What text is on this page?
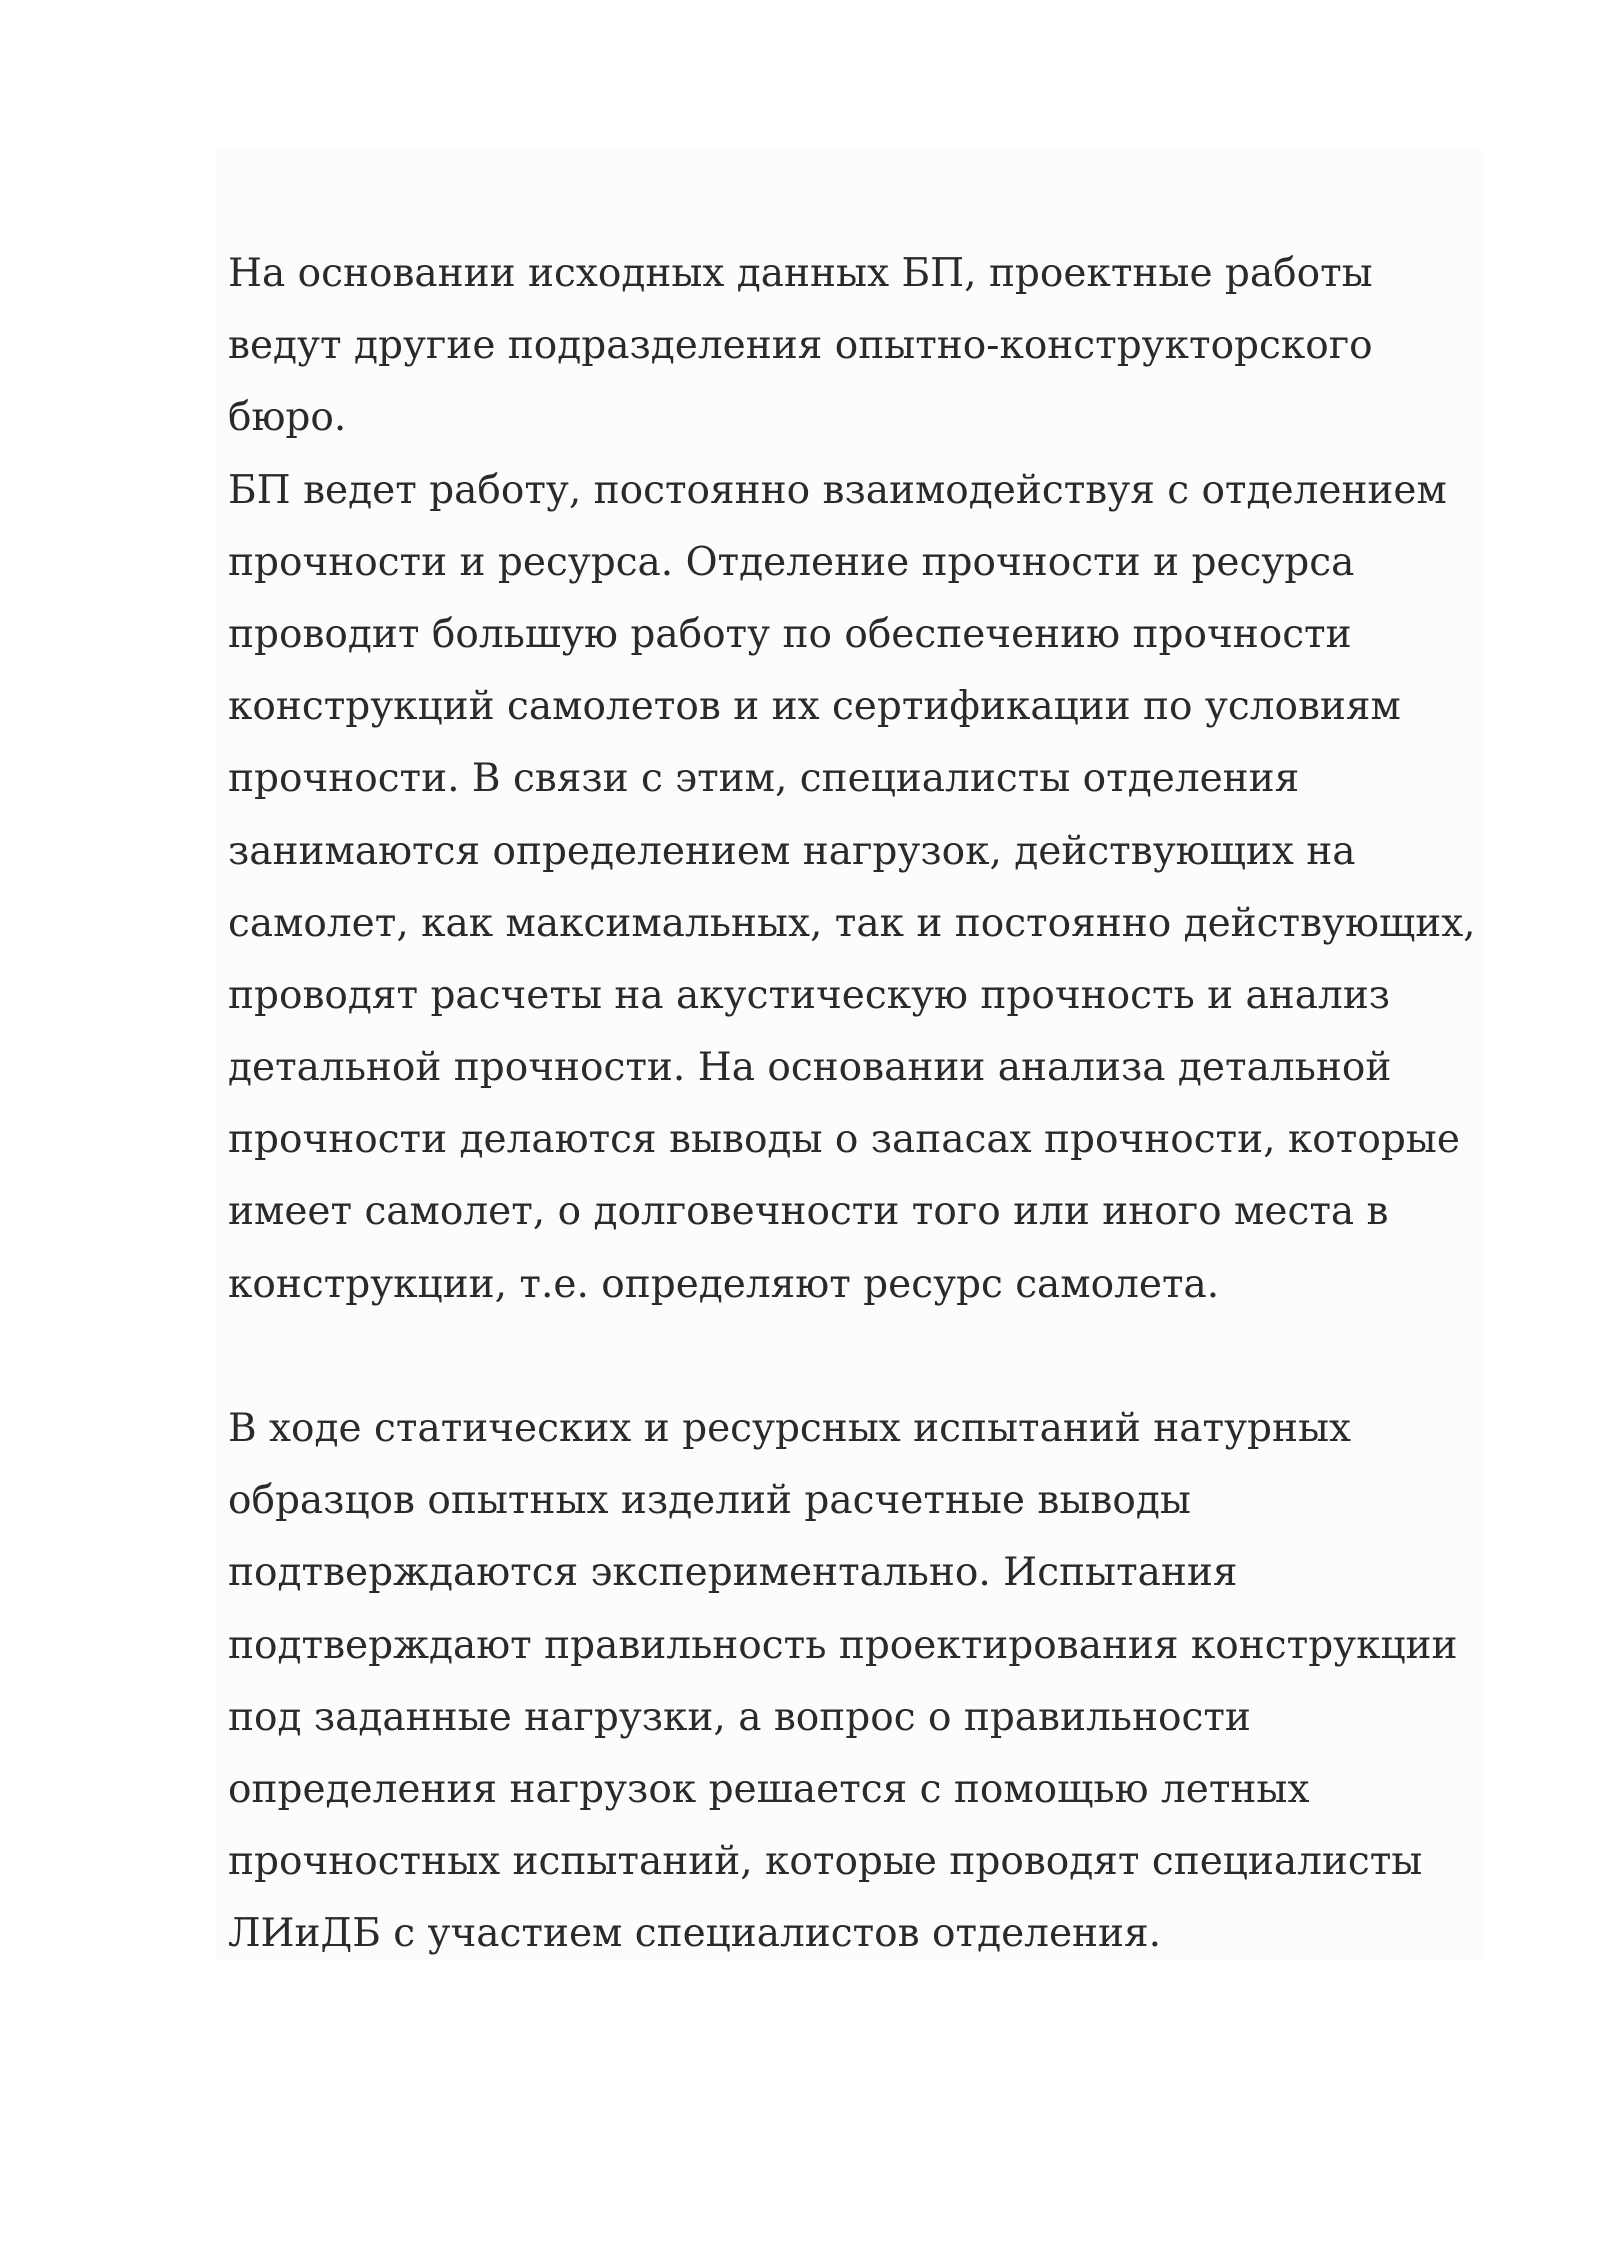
На основании исходных данных БП, проектные работы
ведут другие подразделения опытно-конструкторского
бюро.
БП ведет работу, постоянно взаимодействуя с отделением
прочности и ресурса. Отделение прочности и ресурса
проводит большую работу по обеспечению прочности
конструкций самолетов и их сертификации по условиям
прочности. В связи с этим, специалисты отделения
занимаются определением нагрузок, действующих на
самолет, как максимальных, так и постоянно действующих,
проводят расчеты на акустическую прочность и анализ
детальной прочности. На основании анализа детальной
прочности делаются выводы о запасах прочности, которые
имеет самолет, о долговечности того или иного места в
конструкции, т.е. определяют ресурс самолета.
В ходе статических и ресурсных испытаний натурных
образцов опытных изделий расчетные выводы
подтверждаются экспериментально. Испытания
подтверждают правильность проектирования конструкции
под заданные нагрузки, а вопрос о правильности
определения нагрузок решается с помощью летных
прочностных испытаний, которые проводят специалисты
ЛИиДБ с участием специалистов отделения.
